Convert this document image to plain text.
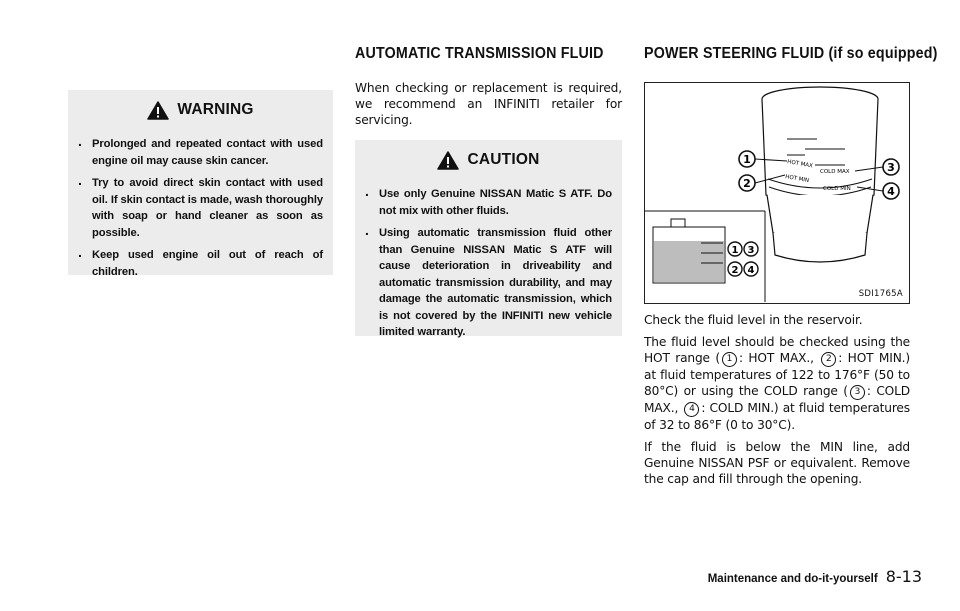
WARNING
. Prolonged and repeated contact with used engine oil may cause skin cancer.
. Try to avoid direct skin contact with used oil. If skin contact is made, wash thoroughly with soap or hand cleaner as soon as possible.
. Keep used engine oil out of reach of children.
AUTOMATIC TRANSMISSION FLUID

When checking or replacement is required, we recommend an INFINITI retailer for servicing.

CAUTION
. Use only Genuine NISSAN Matic S ATF. Do not mix with other fluids.
. Using automatic transmission fluid other than Genuine NISSAN Matic S ATF will cause deterioration in driveability and automatic transmission durability, and may damage the automatic transmission, which is not covered by the INFINITI new vehicle limited warranty.
POWER STEERING FLUID (if so equipped)
HOT MAX
HOT MIN
COLD MAX
COLD MIN
1
2
3
4
1 3
2 4
SDI1765A

Check the fluid level in the reservoir.

The fluid level should be checked using the HOT range ( 1 : HOT MAX., 2 : HOT MIN.) at fluid temperatures of 122 to 176°F (50 to 80°C) or using the COLD range ( 3 : COLD MAX., 4 : COLD MIN.) at fluid temperatures of 32 to 86°F (0 to 30°C).

If the fluid is below the MIN line, add Genuine NISSAN PSF or equivalent. Remove the cap and fill through the opening.

Maintenance and do-it-yourself 8-13
